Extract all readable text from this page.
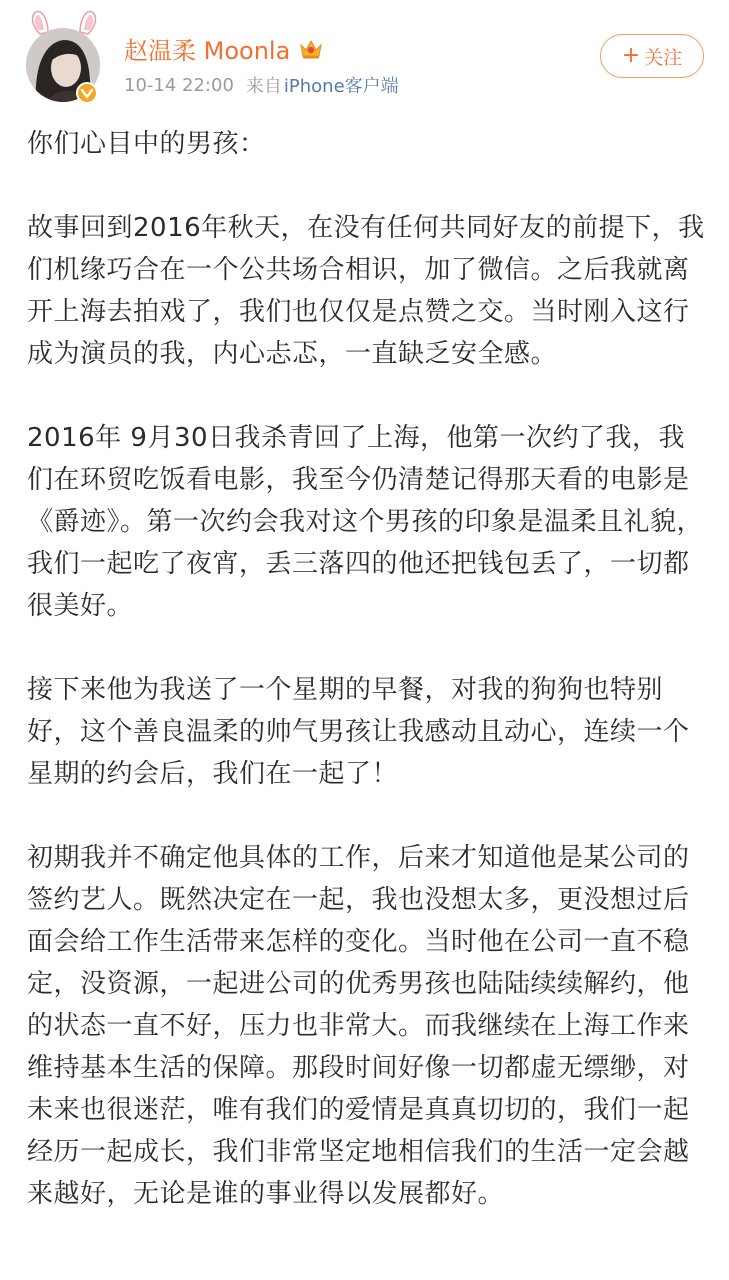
赵温柔 Moonla
10-14 22:00 来自 iPhone客户端
+ 关注

你们心目中的男孩：

故事回到2016年秋天，在没有任何共同好友的前提下，我们机缘巧合在一个公共场合相识，加了微信。之后我就离开上海去拍戏了，我们也仅仅是点赞之交。当时刚入这行成为演员的我，内心忐忑，一直缺乏安全感。

2016年 9月30日我杀青回了上海，他第一次约了我，我们在环贸吃饭看电影，我至今仍清楚记得那天看的电影是《爵迹》。第一次约会我对这个男孩的印象是温柔且礼貌，我们一起吃了夜宵，丢三落四的他还把钱包丢了，一切都很美好。

接下来他为我送了一个星期的早餐，对我的狗狗也特别好，这个善良温柔的帅气男孩让我感动且动心，连续一个星期的约会后，我们在一起了！

初期我并不确定他具体的工作，后来才知道他是某公司的签约艺人。既然决定在一起，我也没想太多，更没想过后面会给工作生活带来怎样的变化。当时他在公司一直不稳定，没资源，一起进公司的优秀男孩也陆陆续续解约，他的状态一直不好，压力也非常大。而我继续在上海工作来维持基本生活的保障。那段时间好像一切都虚无缥缈，对未来也很迷茫，唯有我们的爱情是真真切切的，我们一起经历一起成长，我们非常坚定地相信我们的生活一定会越来越好，无论是谁的事业得以发展都好。
